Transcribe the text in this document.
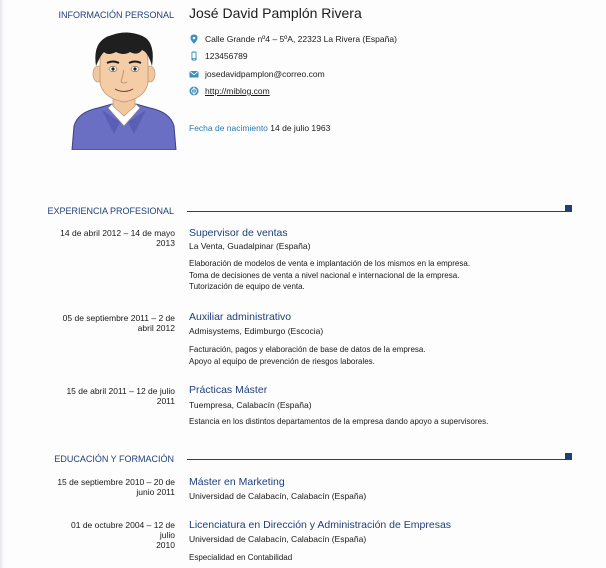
INFORMACIÓN PERSONAL José David Pamplón Rivera
Calle Grande nº4 – 5ºA, 22323 La Rivera (España)
123456789
josedavidpamplon@correo.com
http://miblog.com
Fecha de nacimiento 14 de julio 1963
EXPERIENCIA PROFESIONAL
14 de abril 2012 – 14 de mayo
2013
Supervisor de ventas
La Venta, Guadalpinar (España)
Elaboración de modelos de venta e implantación de los mismos en la empresa.
Toma de decisiones de venta a nivel nacional e internacional de la empresa.
Tutorización de equipo de venta.
05 de septiembre 2011 – 2 de
abril 2012
Auxiliar administrativo
Admisystems, Edimburgo (Escocia)
Facturación, pagos y elaboración de base de datos de la empresa.
Apoyo al equipo de prevención de riesgos laborales.
15 de abril 2011 – 12 de julio 2011
Prácticas Máster
Tuempresa, Calabacín (España)
Estancia en los distintos departamentos de la empresa dando apoyo a supervisores.
EDUCACIÓN Y FORMACIÓN
15 de septiembre 2010 – 20 de
junio 2011
Máster en Marketing
Universidad de Calabacín, Calabacín (España)
01 de octubre 2004 – 12 de julio
2010
Licenciatura en Dirección y Administración de Empresas
Universidad de Calabacín, Calabacín (España)
Especialidad en Contabilidad
